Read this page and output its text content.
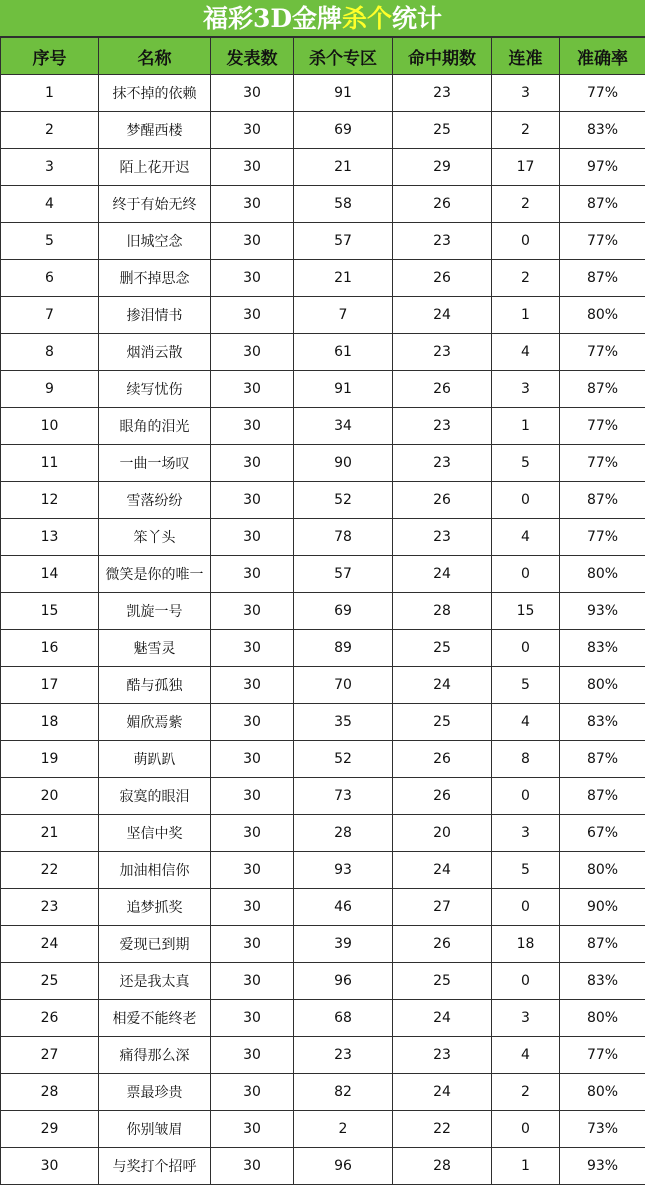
福彩3D金牌杀个统计
序号	名称	发表数	杀个专区	命中期数	连准	准确率
1	抹不掉的依赖	30	91	23	3	77%
2	梦醒西楼	30	69	25	2	83%
3	陌上花开迟	30	21	29	17	97%
4	终于有始无终	30	58	26	2	87%
5	旧城空念	30	57	23	0	77%
6	删不掉思念	30	21	26	2	87%
7	掺泪情书	30	7	24	1	80%
8	烟消云散	30	61	23	4	77%
9	续写忧伤	30	91	26	3	87%
10	眼角的泪光	30	34	23	1	77%
11	一曲一场叹	30	90	23	5	77%
12	雪落纷纷	30	52	26	0	87%
13	笨丫头	30	78	23	4	77%
14	微笑是你的唯一	30	57	24	0	80%
15	凯旋一号	30	69	28	15	93%
16	魅雪灵	30	89	25	0	83%
17	酷与孤独	30	70	24	5	80%
18	媚欣焉紫	30	35	25	4	83%
19	萌趴趴	30	52	26	8	87%
20	寂寞的眼泪	30	73	26	0	87%
21	坚信中奖	30	28	20	3	67%
22	加油相信你	30	93	24	5	80%
23	追梦抓奖	30	46	27	0	90%
24	爱现已到期	30	39	26	18	87%
25	还是我太真	30	96	25	0	83%
26	相爱不能终老	30	68	24	3	80%
27	痛得那么深	30	23	23	4	77%
28	票最珍贵	30	82	24	2	80%
29	你别皱眉	30	2	22	0	73%
30	与奖打个招呼	30	96	28	1	93%
